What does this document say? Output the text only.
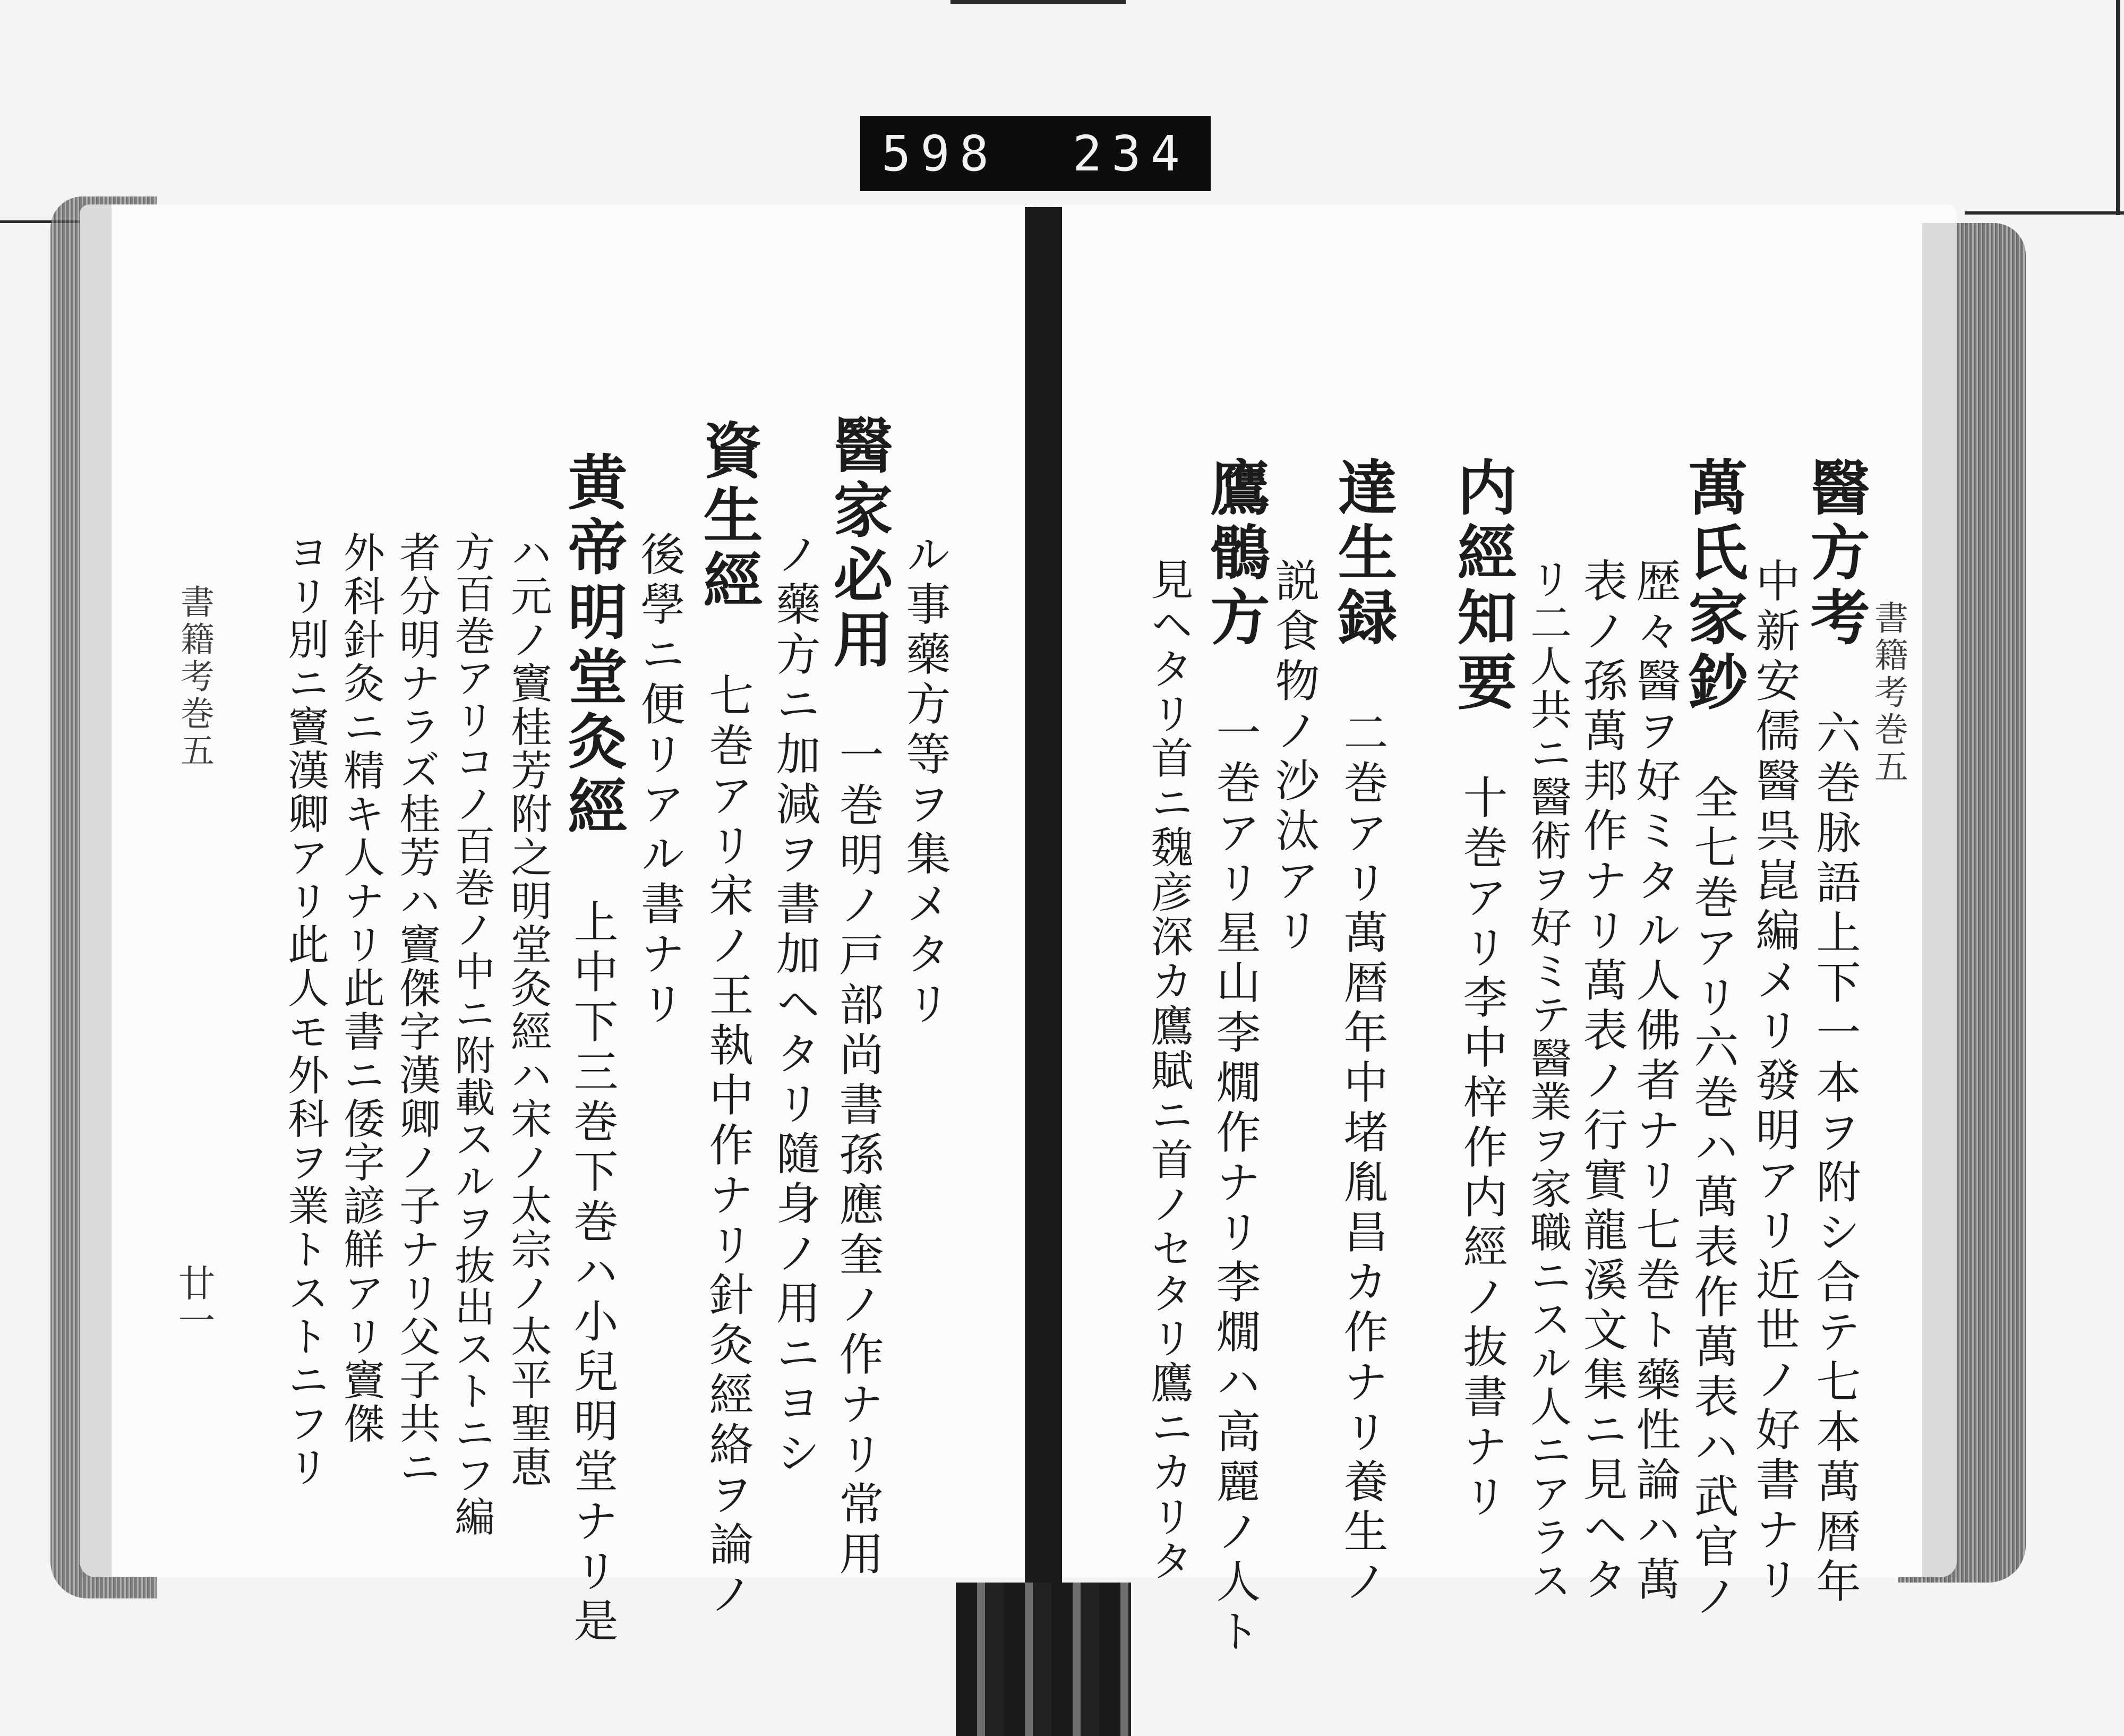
598 234
書籍考巻五
醫方考六巻脉語上下一本ヲ附シ合テ七本萬暦年
中新安儒醫呉崑編メリ發明アリ近世ノ好書ナリ
萬氏家鈔全七巻アリ六巻ハ萬表作萬表ハ武官ノ
歴々醫ヲ好ミタル人佛者ナリ七巻ト藥性論ハ萬
表ノ孫萬邦作ナリ萬表ノ行實龍溪文集ニ見ヘタ
リ二人共ニ醫術ヲ好ミテ醫業ヲ家職ニスル人ニアラス
内經知要十巻アリ李中梓作内經ノ抜書ナリ
達生録二巻アリ萬暦年中堵胤昌カ作ナリ養生ノ
説食物ノ沙汰アリ
鷹鶻方一巻アリ星山李燗作ナリ李燗ハ高麗ノ人ト
見ヘタリ首ニ魏彦深カ鷹賦ニ首ノセタリ鷹ニカリタ
ル事藥方等ヲ集メタリ
醫家必用一巻明ノ戸部尚書孫應奎ノ作ナリ常用
ノ藥方ニ加減ヲ書加ヘタリ隨身ノ用ニヨシ
資生經七巻アリ宋ノ王執中作ナリ針灸經絡ヲ論ノ
後學ニ便リアル書ナリ
黄帝明堂灸經上中下三巻下巻ハ小兒明堂ナリ是
ハ元ノ竇桂芳附之明堂灸經ハ宋ノ太宗ノ太平聖恵
方百巻アリコノ百巻ノ中ニ附載スルヲ抜出ストニフ編
者分明ナラズ桂芳ハ竇傑字漢卿ノ子ナリ父子共ニ
外科針灸ニ精キ人ナリ此書ニ倭字諺觧アリ竇傑
ヨリ別ニ竇漢卿アリ此人モ外科ヲ業トストニフリ
書籍考巻五
廿一
